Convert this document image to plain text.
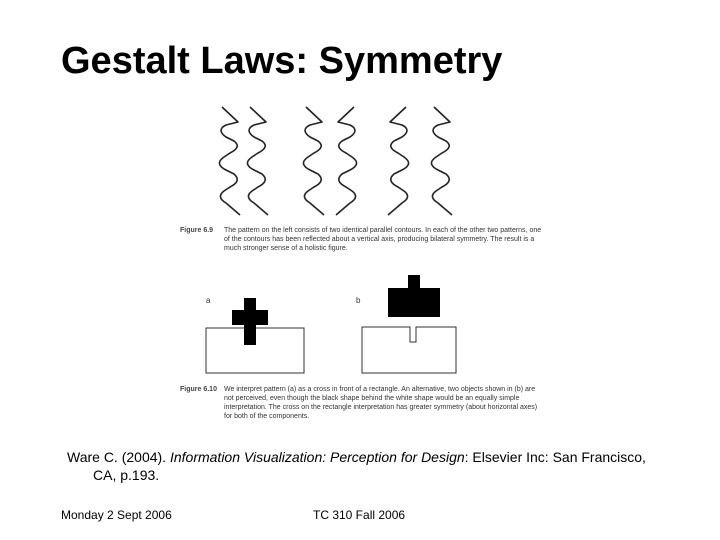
Gestalt Laws: Symmetry
Figure 6.9	The pattern on the left consists of two identical parallel contours. In each of the other two patterns, one of the contours has been reflected about a vertical axis, producing bilateral symmetry. The result is a much stronger sense of a holistic figure.
a	b
Figure 6.10	We interpret pattern (a) as a cross in front of a rectangle. An alternative, two objects shown in (b) are not perceived, even though the black shape behind the white shape would be an equally simple interpretation. The cross on the rectangle interpretation has greater symmetry (about horizontal axes) for both of the components.
Ware C. (2004). Information Visualization: Perception for Design: Elsevier Inc: San Francisco,
CA, p.193.
Monday 2 Sept 2006	TC 310 Fall 2006
